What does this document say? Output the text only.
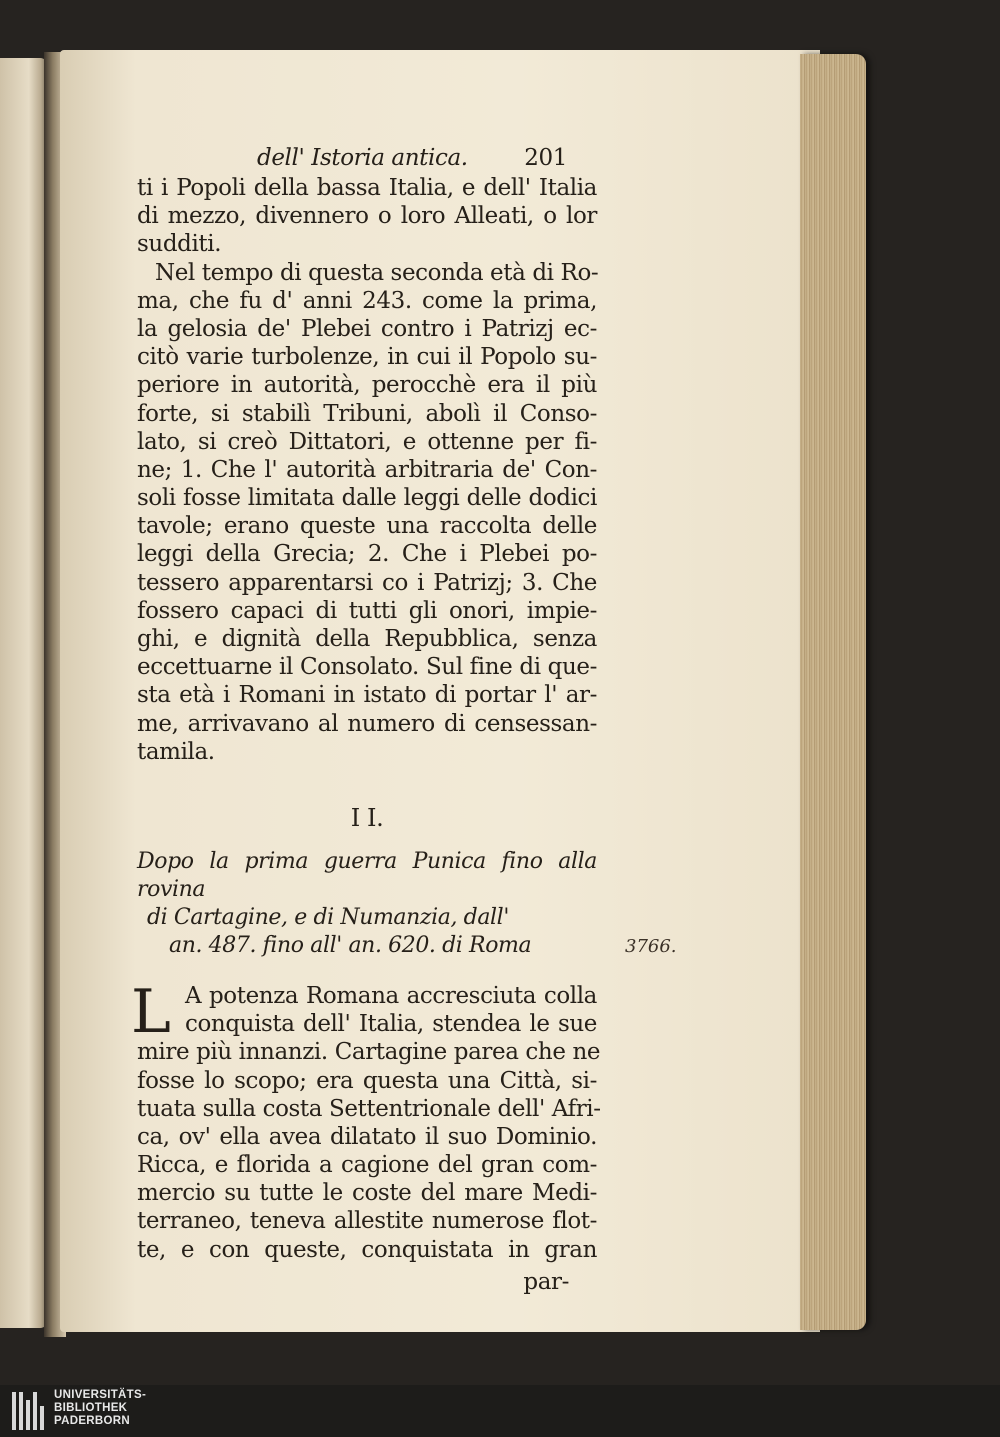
dell' Istoria antica. 201
ti i Popoli della bassa Italia, e dell' Italia
di mezzo, divennero o loro Alleati, o lor
sudditi.
Nel tempo di questa seconda età di Ro-
ma, che fu d' anni 243. come la prima,
la gelosia de' Plebei contro i Patrizj ec-
citò varie turbolenze, in cui il Popolo su-
periore in autorità, perocchè era il più
forte, si stabilì Tribuni, abolì il Conso-
lato, si creò Dittatori, e ottenne per fi-
ne; 1. Che l' autorità arbitraria de' Con-
soli fosse limitata dalle leggi delle dodici
tavole; erano queste una raccolta delle
leggi della Grecia; 2. Che i Plebei po-
tessero apparentarsi co i Patrizj; 3. Che
fossero capaci di tutti gli onori, impie-
ghi, e dignità della Repubblica, senza
eccettuarne il Consolato. Sul fine di que-
sta età i Romani in istato di portar l' ar-
me, arrivavano al numero di censessan-
tamila.
I I.
Dopo la prima guerra Punica fino alla rovina
di Cartagine, e di Numanzia, dall'
an. 487. fino all' an. 620. di Roma
L A potenza Romana accresciuta colla
conquista dell' Italia, stendea le sue
mire più innanzi. Cartagine parea che ne
fosse lo scopo; era questa una Città, si-
tuata sulla costa Settentrionale dell' Afri-
ca, ov' ella avea dilatato il suo Dominio.
Ricca, e florida a cagione del gran com-
mercio su tutte le coste del mare Medi-
terraneo, teneva allestite numerose flot-
te, e con queste, conquistata in gran
par-
3766.
UNIVERSITÄTS-
BIBLIOTHEK
PADERBORN
